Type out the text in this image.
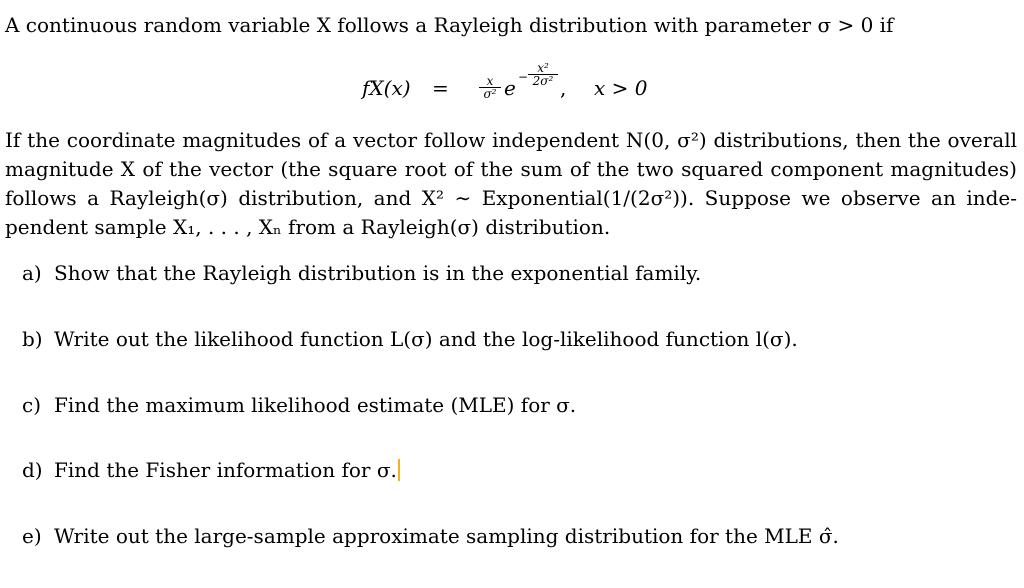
A continuous random variable X follows a Rayleigh distribution with parameter σ > 0 if
fX(x) =	$\frac{x}{\text{σ²}}$ $e - \frac{\text{x²}}{\text{2σ²}}$
, x > 0
If the coordinate magnitudes of a vector follow independent N(0, σ²) distributions, then the overall
magnitude X of the vector (the square root of the sum of the two squared component magnitudes)
follows a Rayleigh(σ) distribution, and X² ∼ Exponential(1/(2σ²)). Suppose we observe an inde-
pendent sample X₁, . . . , Xₙ from a Rayleigh(σ) distribution.
a) Show that the Rayleigh distribution is in the exponential family.
b) Write out the likelihood function L(σ) and the log-likelihood function l(σ).
c) Find the maximum likelihood estimate (MLE) for σ.
d) Find the Fisher information for σ.
e) Write out the large-sample approximate sampling distribution for the MLE σ̂.
